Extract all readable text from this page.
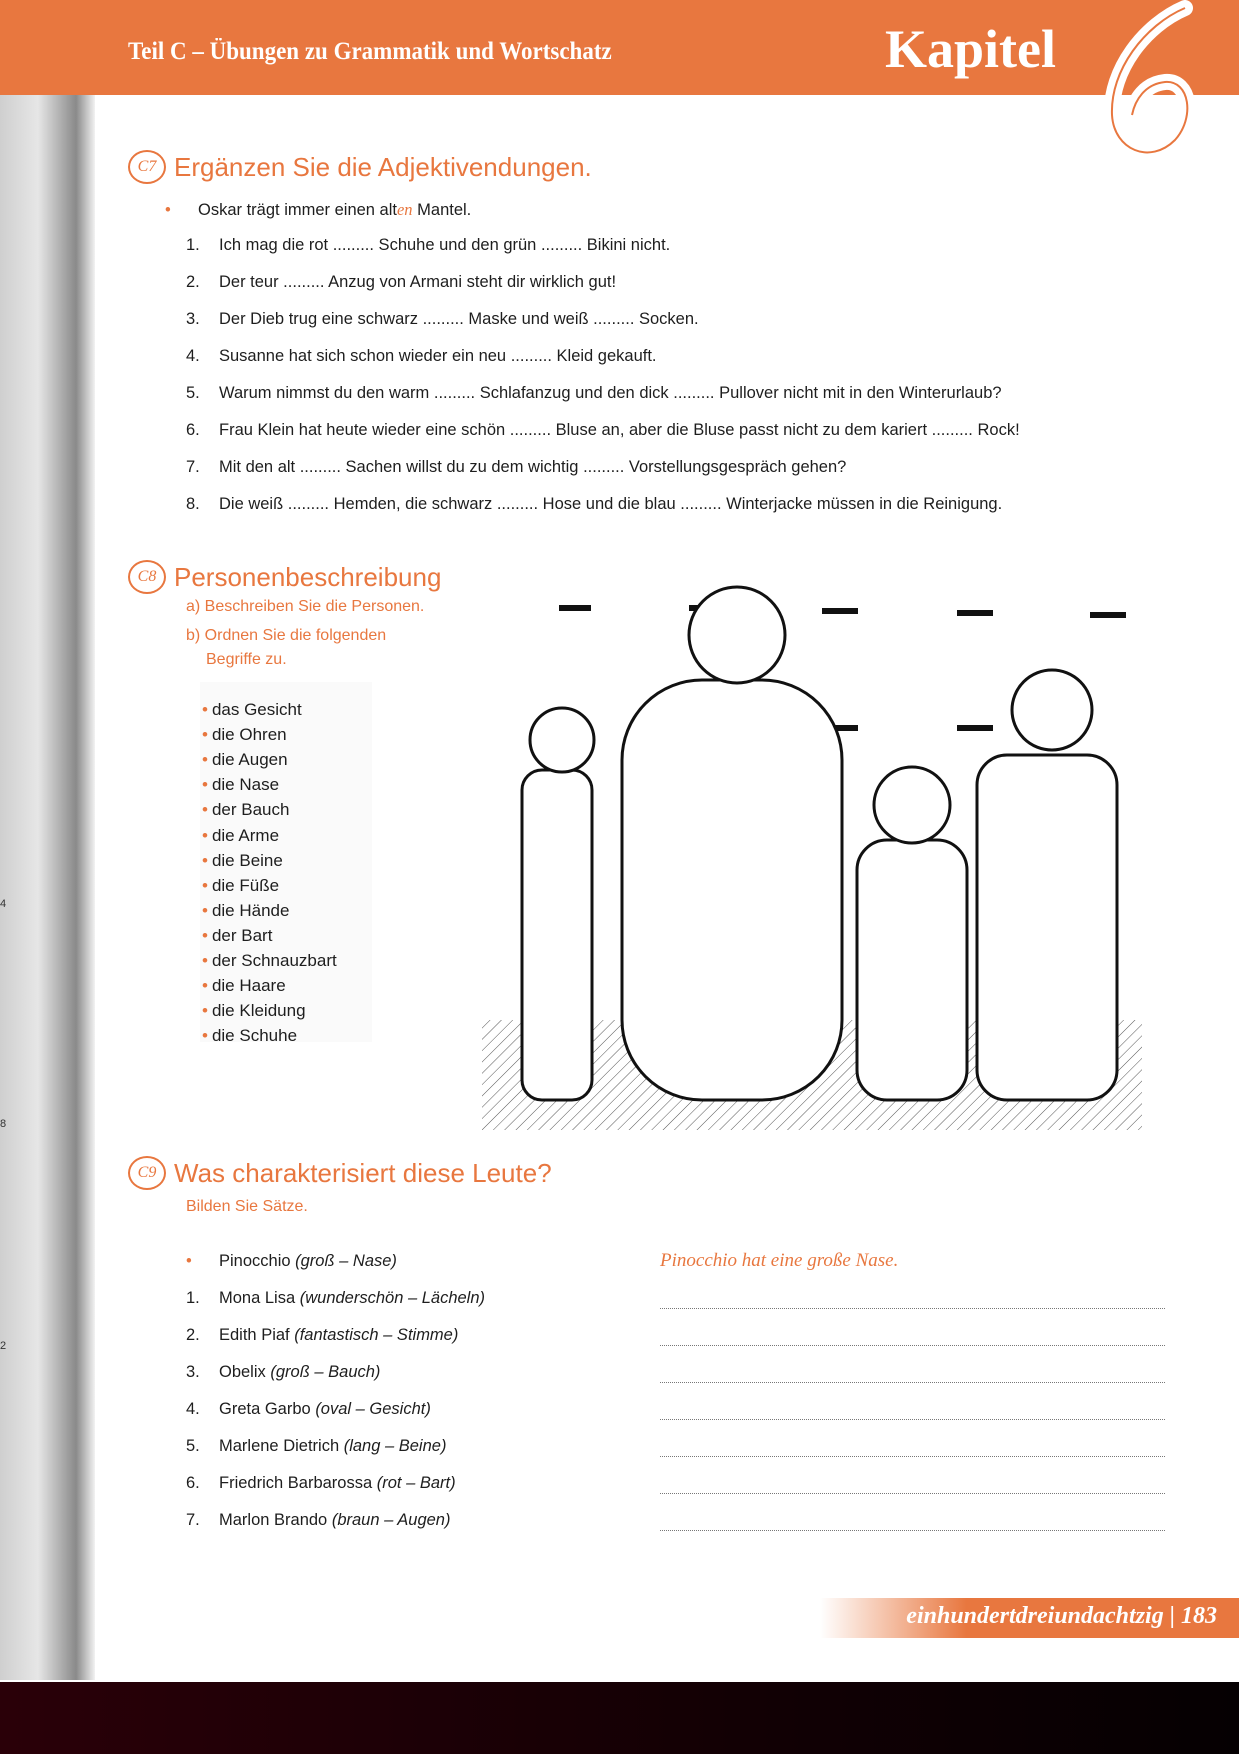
Teil C – Übungen zu Grammatik und Wortschatz	Kapitel
C7 Ergänzen Sie die Adjektivendungen.
• Oskar trägt immer einen alten Mantel.
C8 Personenbeschreibung
a) Beschreiben Sie die Personen.
b) Ordnen Sie die folgenden
Begriffe zu.
C9 Was charakterisiert diese Leute?
Bilden Sie Sätze.
• Pinocchio (groß – Nase)	Pinocchio hat eine große Nase.
einhundertdreiundachtzig | 183
4
8
2
1. Ich mag die rot ......... Schuhe und den grün ......... Bikini nicht.
2. Der teur ......... Anzug von Armani steht dir wirklich gut!
3. Der Dieb trug eine schwarz ......... Maske und weiß ......... Socken.
4. Susanne hat sich schon wieder ein neu ......... Kleid gekauft.
5. Warum nimmst du den warm ......... Schlafanzug und den dick ......... Pullover nicht mit in den Winterurlaub?
6. Frau Klein hat heute wieder eine schön ......... Bluse an, aber die Bluse passt nicht zu dem kariert ......... Rock!
7. Mit den alt ......... Sachen willst du zu dem wichtig ......... Vorstellungsgespräch gehen?
8. Die weiß ......... Hemden, die schwarz ......... Hose und die blau ......... Winterjacke müssen in die Reinigung.
• das Gesicht
• die Ohren
• die Augen
• die Nase
• der Bauch
• die Arme
• die Beine
• die Füße
• die Hände
• der Bart
• der Schnauzbart
• die Haare
• die Kleidung
• die Schuhe
1. Mona Lisa (wunderschön – Lächeln)
2. Edith Piaf (fantastisch – Stimme)
3. Obelix (groß – Bauch)
4. Greta Garbo (oval – Gesicht)
5. Marlene Dietrich (lang – Beine)
6. Friedrich Barbarossa (rot – Bart)
7. Marlon Brando (braun – Augen)
